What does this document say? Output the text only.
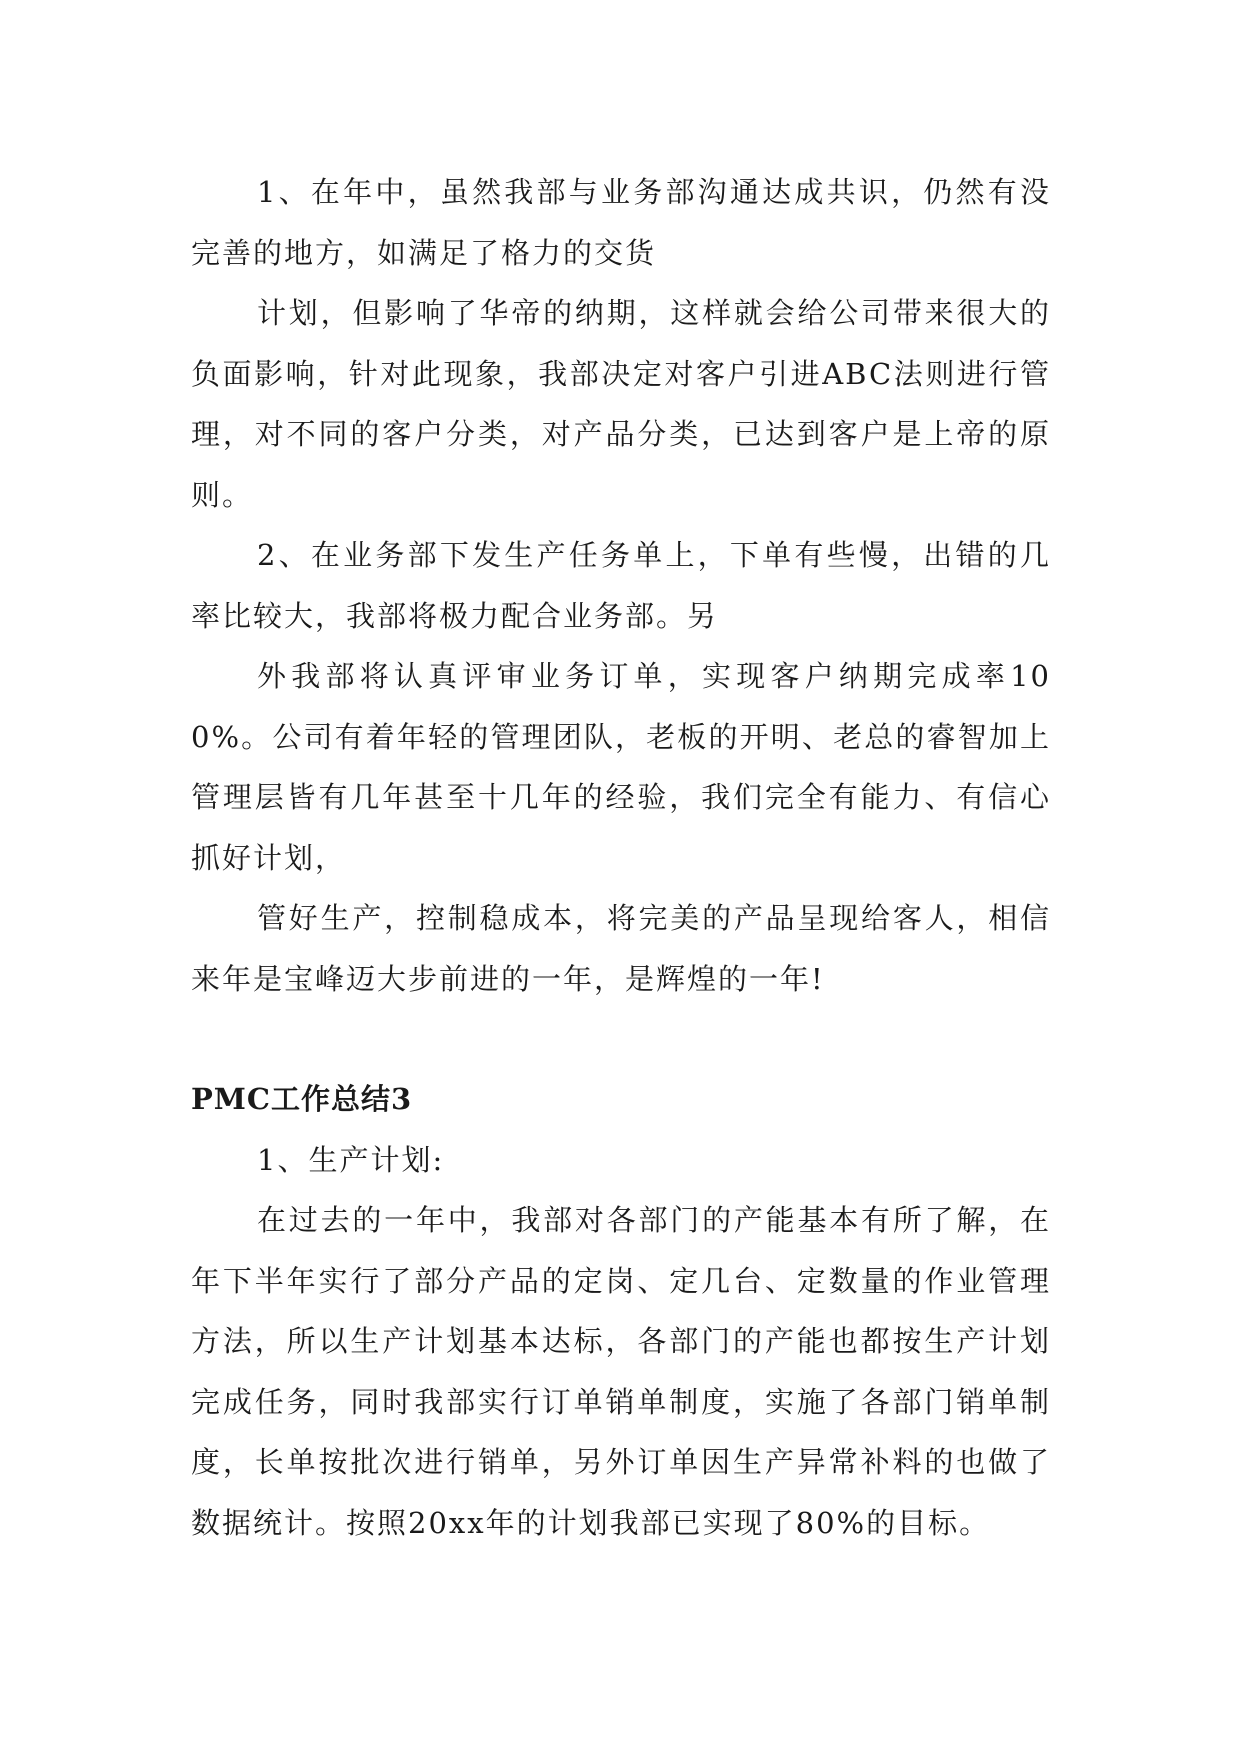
1、在年中，虽然我部与业务部沟通达成共识，仍然有没完善的地方，如满足了格力的交货

计划，但影响了华帝的纳期，这样就会给公司带来很大的负面影响，针对此现象，我部决定对客户引进ABC法则进行管理，对不同的客户分类，对产品分类，已达到客户是上帝的原则。

2、在业务部下发生产任务单上，下单有些慢，出错的几率比较大，我部将极力配合业务部。另

外我部将认真评审业务订单，实现客户纳期完成率100%。公司有着年轻的管理团队，老板的开明、老总的睿智加上管理层皆有几年甚至十几年的经验，我们完全有能力、有信心抓好计划，

管好生产，控制稳成本，将完美的产品呈现给客人，相信来年是宝峰迈大步前进的一年，是辉煌的一年!

PMC工作总结3

1、生产计划:

在过去的一年中，我部对各部门的产能基本有所了解，在年下半年实行了部分产品的定岗、定几台、定数量的作业管理方法，所以生产计划基本达标，各部门的产能也都按生产计划完成任务，同时我部实行订单销单制度，实施了各部门销单制度，长单按批次进行销单，另外订单因生产异常补料的也做了数据统计。按照20xx年的计划我部已实现了80%的目标。
